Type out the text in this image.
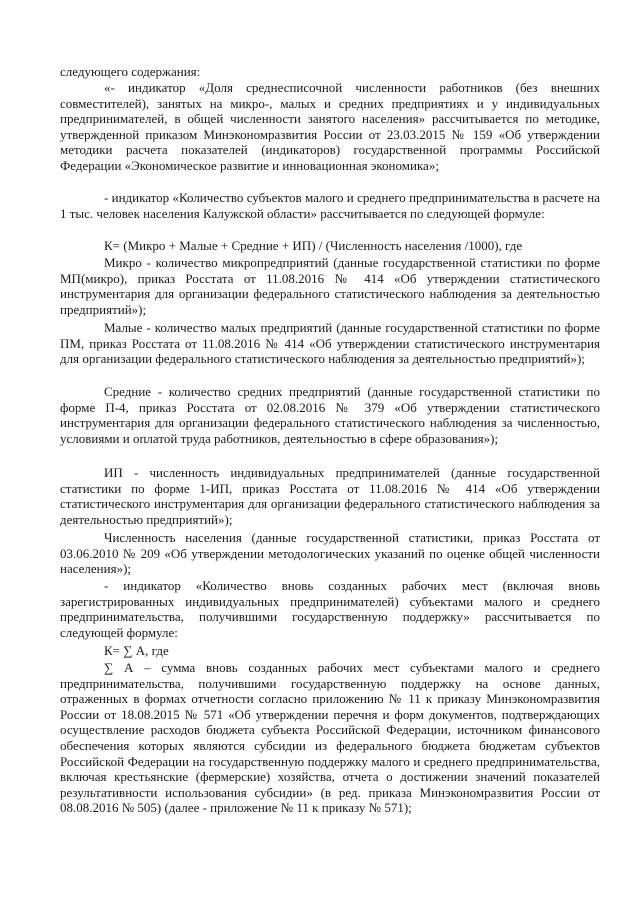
следующего содержания:

«- индикатор «Доля среднесписочной численности работников (без внешних совместителей), занятых на микро-, малых и средних предприятиях и у индивидуальных предпринимателей, в общей численности занятого населения» рассчитывается по методике, утвержденной приказом Минэкономразвития России от 23.03.2015 № 159 «Об утверждении методики расчета показателей (индикаторов) государственной программы Российской Федерации «Экономическое развитие и инновационная экономика»;

- индикатор «Количество субъектов малого и среднего предпринимательства в расчете на 1 тыс. человек населения Калужской области» рассчитывается по следующей формуле:

К= (Микро + Малые + Средние + ИП) / (Численность населения /1000), где

Микро - количество микропредприятий (данные государственной статистики по форме МП(микро), приказ Росстата от 11.08.2016 № 414 «Об утверждении статистического инструментария для организации федерального статистического наблюдения за деятельностью предприятий»);

Малые - количество малых предприятий (данные государственной статистики по форме ПМ, приказ Росстата от 11.08.2016 № 414 «Об утверждении статистического инструментария для организации федерального статистического наблюдения за деятельностью предприятий»);

Средние - количество средних предприятий (данные государственной статистики по форме П-4, приказ Росстата от 02.08.2016 № 379 «Об утверждении статистического инструментария для организации федерального статистического наблюдения за численностью, условиями и оплатой труда работников, деятельностью в сфере образования»);

ИП - численность индивидуальных предпринимателей (данные государственной статистики по форме 1-ИП, приказ Росстата от 11.08.2016 № 414 «Об утверждении статистического инструментария для организации федерального статистического наблюдения за деятельностью предприятий»);

Численность населения (данные государственной статистики, приказ Росстата от 03.06.2010 № 209 «Об утверждении методологических указаний по оценке общей численности населения»);

- индикатор «Количество вновь созданных рабочих мест (включая вновь зарегистрированных индивидуальных предпринимателей) субъектами малого и среднего предпринимательства, получившими государственную поддержку» рассчитывается по следующей формуле:

К= ∑ А, где

∑ А – сумма вновь созданных рабочих мест субъектами малого и среднего предпринимательства, получившими государственную поддержку на основе данных, отраженных в формах отчетности согласно приложению № 11 к приказу Минэкономразвития России от 18.08.2015 № 571 «Об утверждении перечня и форм документов, подтверждающих осуществление расходов бюджета субъекта Российской Федерации, источником финансового обеспечения которых являются субсидии из федерального бюджета бюджетам субъектов Российской Федерации на государственную поддержку малого и среднего предпринимательства, включая крестьянские (фермерские) хозяйства, отчета о достижении значений показателей результативности использования субсидии» (в ред. приказа Минэкономразвития России от 08.08.2016 № 505) (далее - приложение № 11 к приказу № 571);
